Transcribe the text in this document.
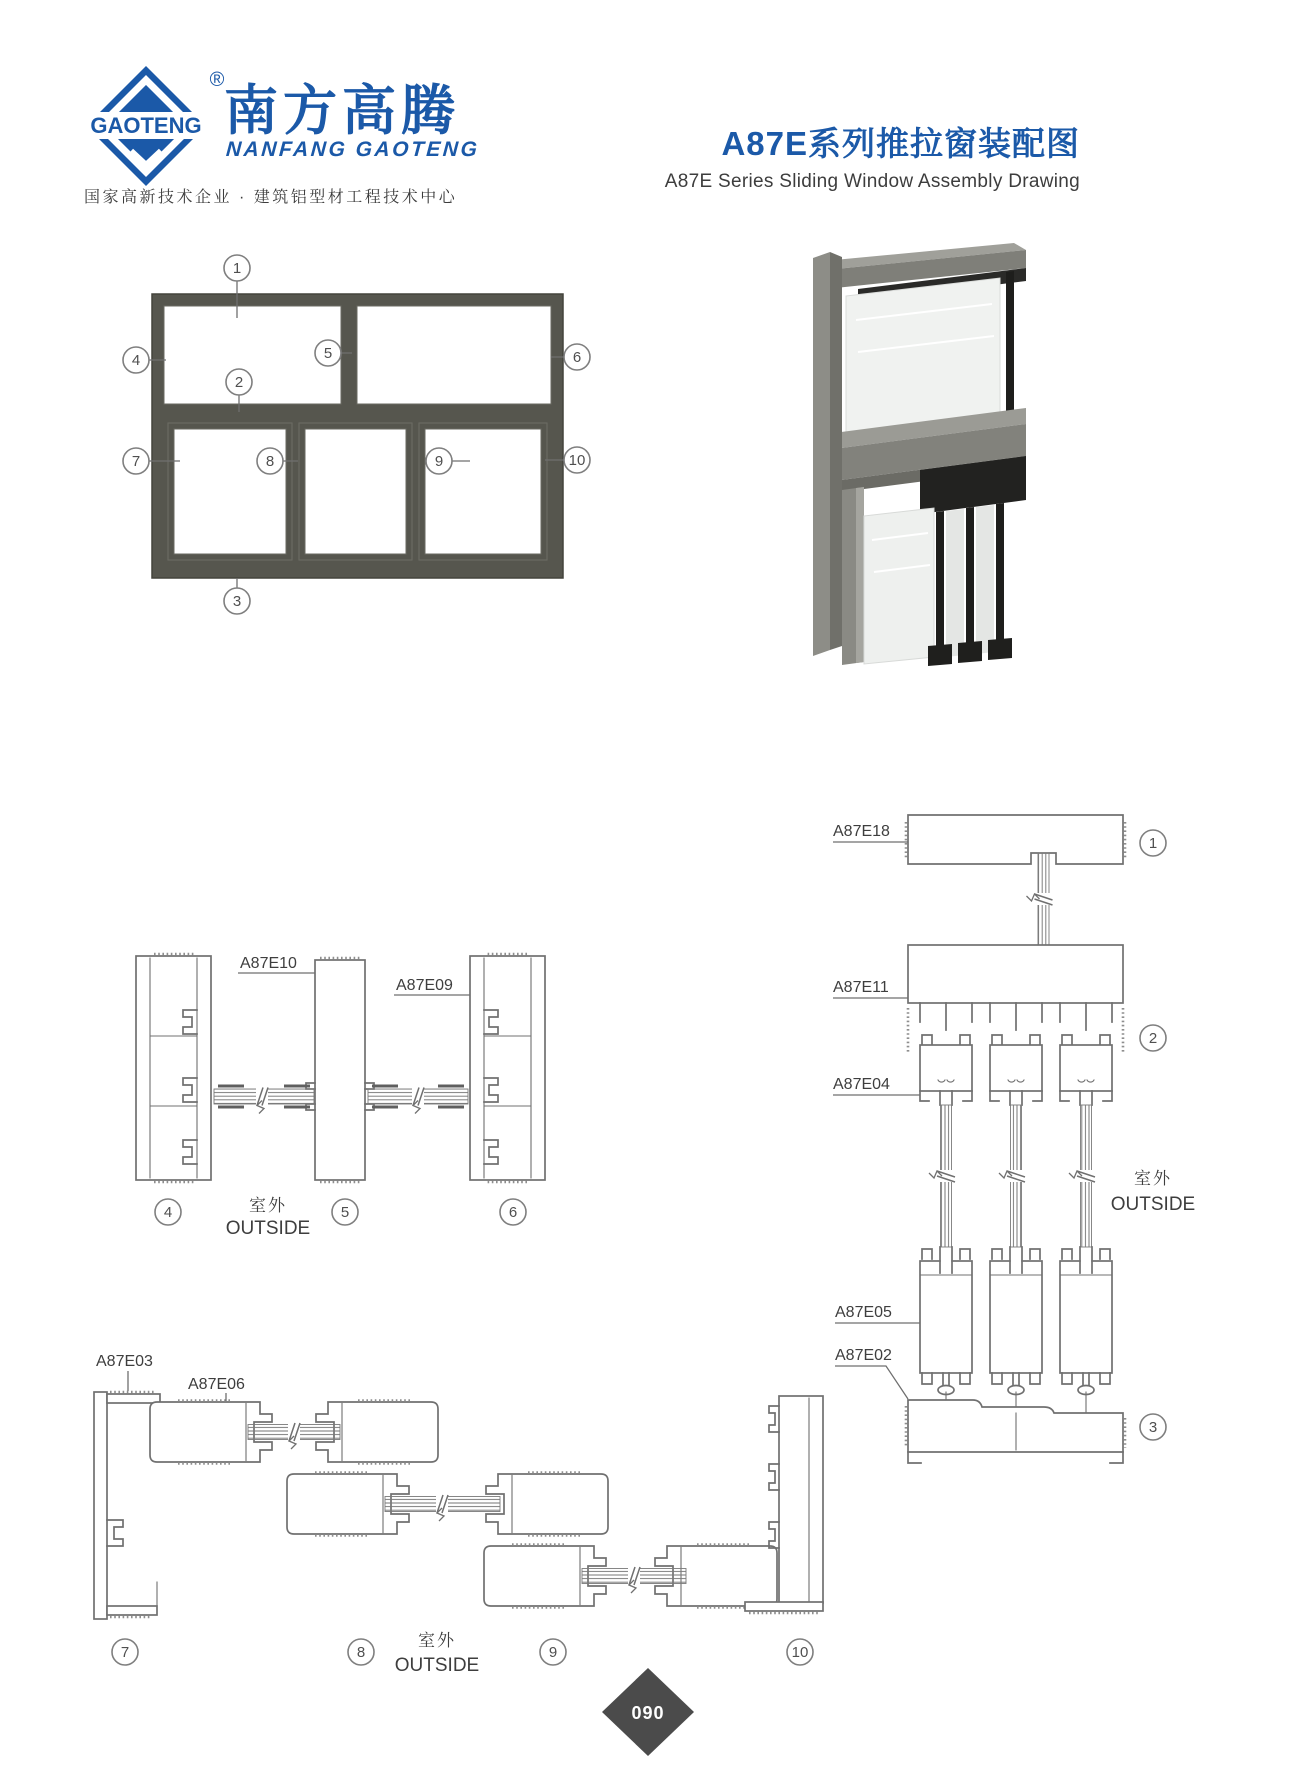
GAOTENG
®
南方高腾
NANFANG GAOTENG
国家高新技术企业 · 建筑铝型材工程技术中心
A87E系列推拉窗装配图
A87E Series Sliding Window Assembly Drawing
1
2
3
4	5	6
7	8	9	10
A87E10
A87E09
4	5	6
室外
OUTSIDE
A87E18
A87E11
A87E04
A87E05
A87E02
1
2
3
室外
OUTSIDE
A87E03
A87E06
7	8	9	10
室外
OUTSIDE
090
